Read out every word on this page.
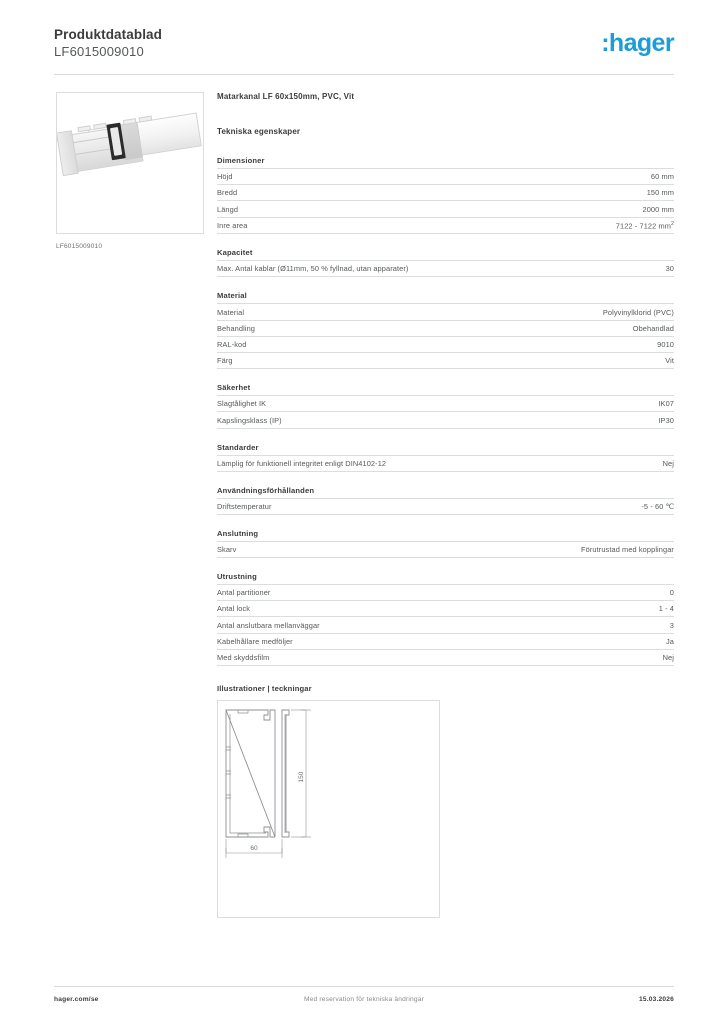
Produktdatablad
LF6015009010	:hager
LF6015009010
Matarkanal LF 60x150mm, PVC, Vit
Tekniska egenskaper
Dimensioner
Höjd	60 mm
Bredd	150 mm
Längd	2000 mm
Inre area	7122 - 7122 $mm^2$
Kapacitet
Max. Antal kablar (Ø11mm, 50 % fyllnad, utan apparater)	30
Material
Material	Polyvinylklorid (PVC)
Behandling	Obehandlad
RAL-kod	9010
Färg	Vit
Säkerhet
Slagtålighet IK	IK07
Kapslingsklass (IP)	IP30
Standarder
Lämplig för funktionell integritet enligt DIN4102-12	Nej
Användningsförhållanden
Driftstemperatur	-5 - 60 ℃
Anslutning
Skarv	Förutrustad med kopplingar
Utrustning
Antal partitioner	0
Antal lock	1 - 4
Antal anslutbara mellanväggar	3
Kabelhållare medföljer	Ja
Med skyddsfilm	Nej
Illustrationer | teckningar
150
60
hager.com/se	Med reservation för tekniska ändringar	15.03.2026
